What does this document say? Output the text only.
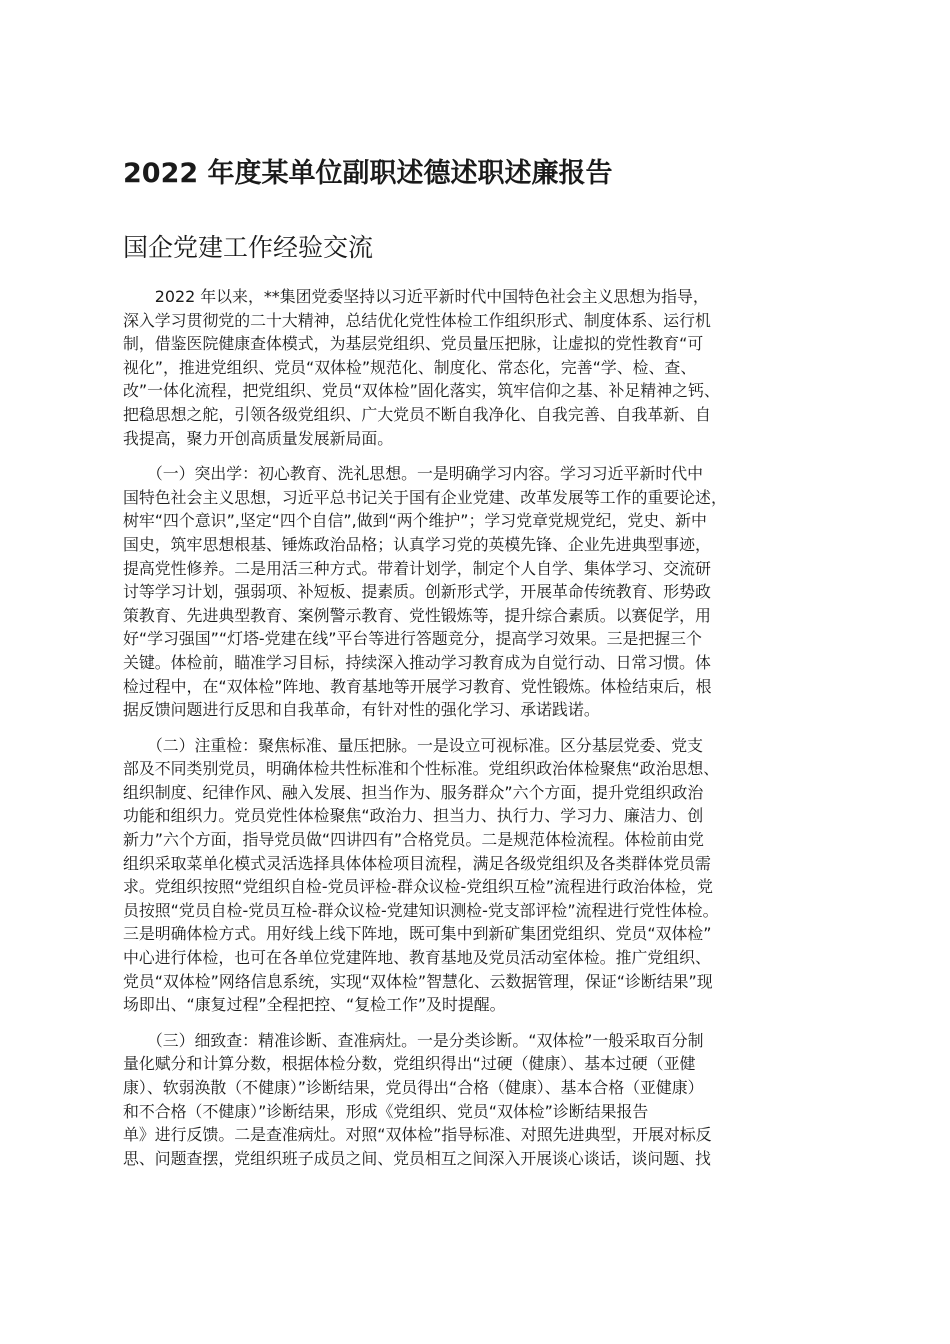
2022 年度某单位副职述德述职述廉报告
国企党建工作经验交流
　　2022 年以来，**集团党委坚持以习近平新时代中国特色社会主义思想为指导，
深入学习贯彻党的二十大精神，总结优化党性体检工作组织形式、制度体系、运行机
制，借鉴医院健康查体模式，为基层党组织、党员量压把脉，让虚拟的党性教育“可
视化”，推进党组织、党员“双体检”规范化、制度化、常态化，完善“学、检、查、
改”一体化流程，把党组织、党员“双体检”固化落实，筑牢信仰之基、补足精神之钙、
把稳思想之舵，引领各级党组织、广大党员不断自我净化、自我完善、自我革新、自
我提高，聚力开创高质量发展新局面。
　　（一）突出学：初心教育、洗礼思想。一是明确学习内容。学习习近平新时代中
国特色社会主义思想，习近平总书记关于国有企业党建、改革发展等工作的重要论述，
树牢“四个意识”,坚定“四个自信”,做到“两个维护”；学习党章党规党纪，党史、新中
国史，筑牢思想根基、锤炼政治品格；认真学习党的英模先锋、企业先进典型事迹，
提高党性修养。二是用活三种方式。带着计划学，制定个人自学、集体学习、交流研
讨等学习计划，强弱项、补短板、提素质。创新形式学，开展革命传统教育、形势政
策教育、先进典型教育、案例警示教育、党性锻炼等，提升综合素质。以赛促学，用
好“学习强国”“灯塔-党建在线”平台等进行答题竞分，提高学习效果。三是把握三个
关键。体检前，瞄准学习目标，持续深入推动学习教育成为自觉行动、日常习惯。体
检过程中，在“双体检”阵地、教育基地等开展学习教育、党性锻炼。体检结束后，根
据反馈问题进行反思和自我革命，有针对性的强化学习、承诺践诺。
　　（二）注重检：聚焦标准、量压把脉。一是设立可视标准。区分基层党委、党支
部及不同类别党员，明确体检共性标准和个性标准。党组织政治体检聚焦“政治思想、
组织制度、纪律作风、融入发展、担当作为、服务群众”六个方面，提升党组织政治
功能和组织力。党员党性体检聚焦“政治力、担当力、执行力、学习力、廉洁力、创
新力”六个方面，指导党员做“四讲四有”合格党员。二是规范体检流程。体检前由党
组织采取菜单化模式灵活选择具体体检项目流程，满足各级党组织及各类群体党员需
求。党组织按照“党组织自检-党员评检-群众议检-党组织互检”流程进行政治体检，党
员按照“党员自检-党员互检-群众议检-党建知识测检-党支部评检”流程进行党性体检。
三是明确体检方式。用好线上线下阵地，既可集中到新矿集团党组织、党员“双体检”
中心进行体检，也可在各单位党建阵地、教育基地及党员活动室体检。推广党组织、
党员“双体检”网络信息系统，实现“双体检”智慧化、云数据管理，保证“诊断结果”现
场即出、“康复过程”全程把控、“复检工作”及时提醒。
　　（三）细致查：精准诊断、查准病灶。一是分类诊断。“双体检”一般采取百分制
量化赋分和计算分数，根据体检分数，党组织得出“过硬（健康）、基本过硬（亚健
康）、软弱涣散（不健康）”诊断结果，党员得出“合格（健康）、基本合格（亚健康）
和不合格（不健康）”诊断结果，形成《党组织、党员“双体检”诊断结果报告
单》进行反馈。二是查准病灶。对照“双体检”指导标准、对照先进典型，开展对标反
思、问题查摆，党组织班子成员之间、党员相互之间深入开展谈心谈话，谈问题、找
